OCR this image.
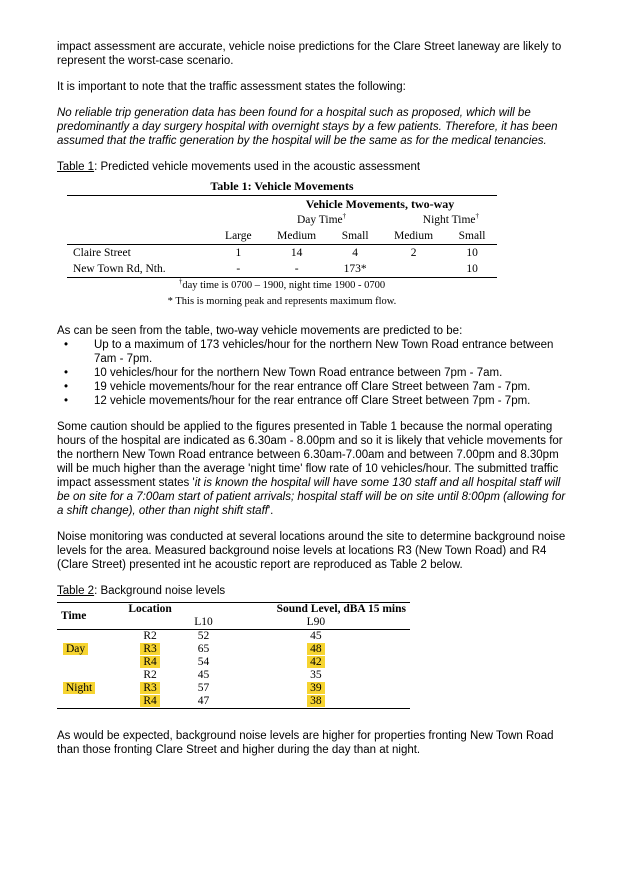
impact assessment are accurate, vehicle noise predictions for the Clare Street laneway are likely to represent the worst-case scenario.

It is important to note that the traffic assessment states the following:

No reliable trip generation data has been found for a hospital such as proposed, which will be predominantly a day surgery hospital with overnight stays by a few patients. Therefore, it has been assumed that the traffic generation by the hospital will be the same as for the medical tenancies.

Table 1: Predicted vehicle movements used in the acoustic assessment
Table 1: Vehicle Movements					
		Vehicle Movements, two-way			
		Day Time†		Night Time†
	Large	Medium	Small	Medium	Small
Claire Street	1	14	4	2	10
New Town Rd, Nth.	-	-	173*		10
†day time is 0700 – 1900, night time 1900 - 0700					
* This is morning peak and represents maximum flow.					

As can be seen from the table, two-way vehicle movements are predicted to be:

• Up to a maximum of 173 vehicles/hour for the northern New Town Road entrance between 7am - 7pm.
• 10 vehicles/hour for the northern New Town Road entrance between 7pm - 7am.
• 19 vehicle movements/hour for the rear entrance off Clare Street between 7am - 7pm.
• 12 vehicle movements/hour for the rear entrance off Clare Street between 7pm - 7pm.

Some caution should be applied to the figures presented in Table 1 because the normal operating hours of the hospital are indicated as 6.30am - 8.00pm and so it is likely that vehicle movements for the northern New Town Road entrance between 6.30am-7.00am and between 7.00pm and 8.30pm will be much higher than the average 'night time' flow rate of 10 vehicles/hour. The submitted traffic impact assessment states 'it is known the hospital will have some 130 staff and all hospital staff will be on site for a 7:00am start of patient arrivals; hospital staff will be on site until 8:00pm (allowing for a shift change), other than night shift staff'.

Noise monitoring was conducted at several locations around the site to determine background noise levels for the area. Measured background noise levels at locations R3 (New Town Road) and R4 (Clare Street) presented int he acoustic report are reproduced as Table 2 below.

Table 2: Background noise levels
Time	Location		Sound Level, dBA 15 mins
		L10	L90
	R2	52	45
Day	R3	65	48
	R4	54	42
	R2	45	35
Night	R3	57	39
	R4	47	38

As would be expected, background noise levels are higher for properties fronting New Town Road than those fronting Clare Street and higher during the day than at night.
